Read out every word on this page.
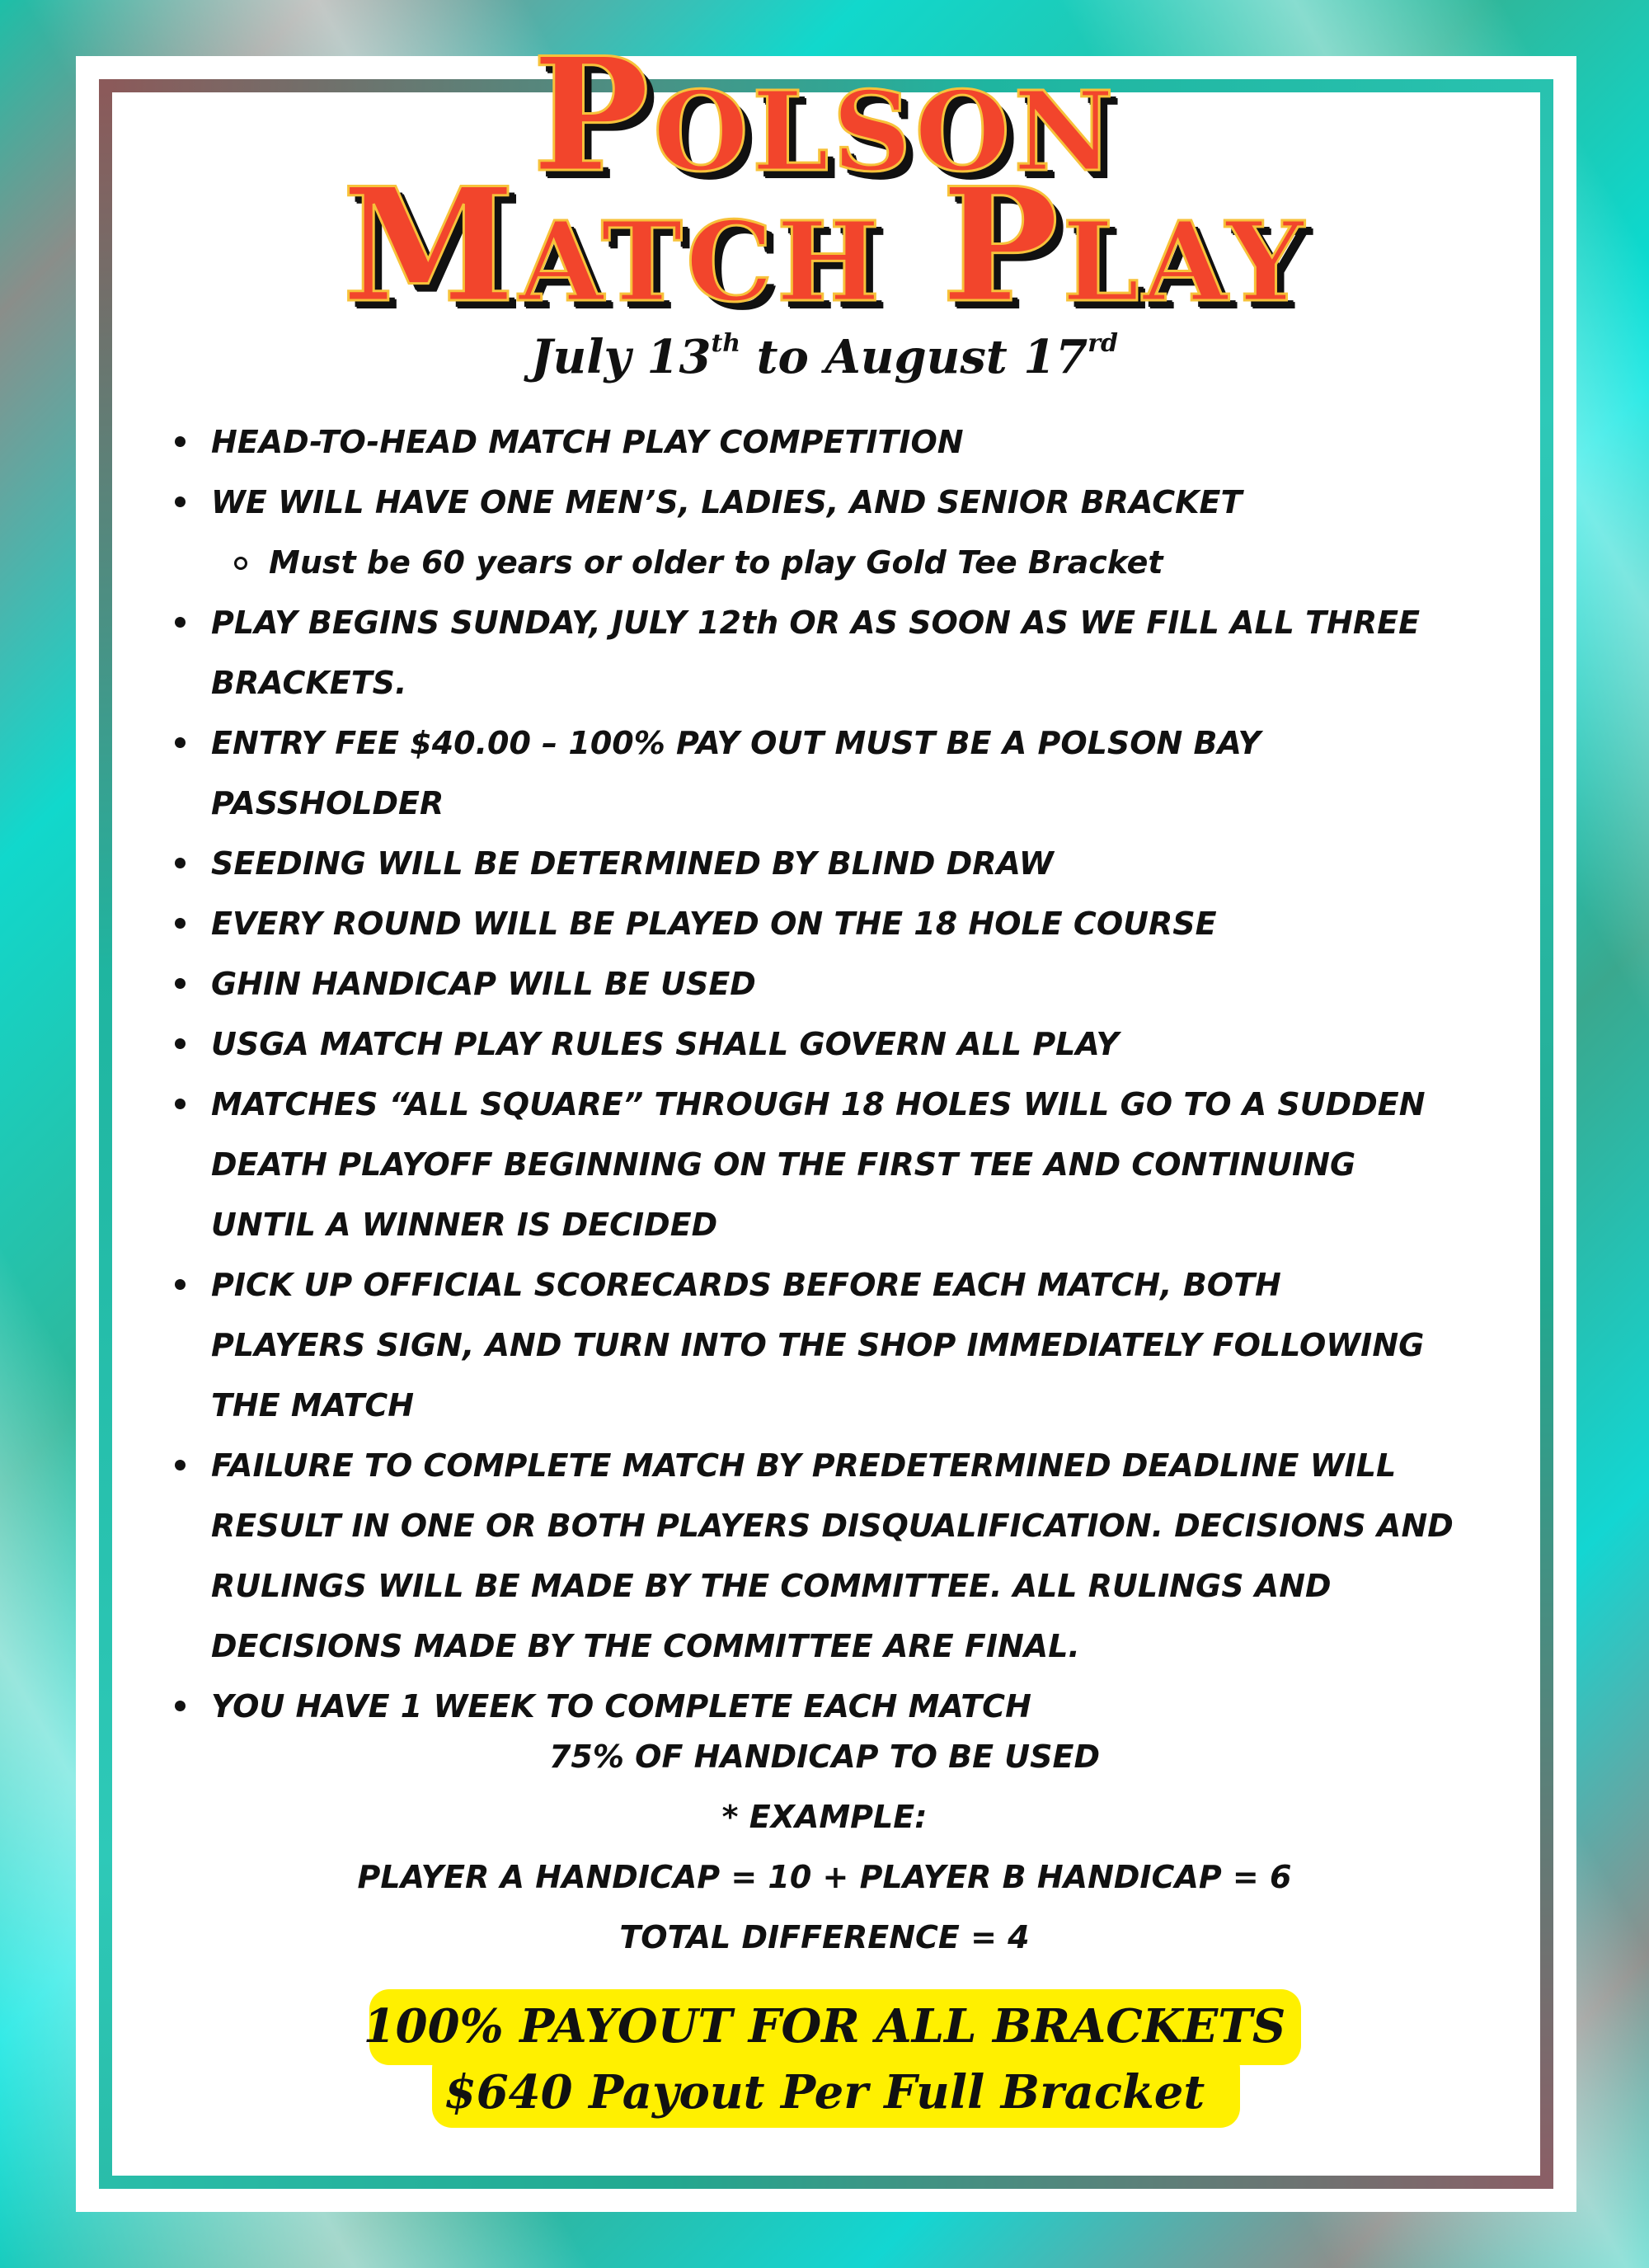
Polson
Match Play
July 13th to August 17rd
HEAD-TO-HEAD MATCH PLAY COMPETITION
WE WILL HAVE ONE MEN’S, LADIES, AND SENIOR BRACKET
Must be 60 years or older to play Gold Tee Bracket
PLAY BEGINS SUNDAY, JULY 12th OR AS SOON AS WE FILL ALL THREE
BRACKETS.
ENTRY FEE $40.00 – 100% PAY OUT MUST BE A POLSON BAY
PASSHOLDER
SEEDING WILL BE DETERMINED BY BLIND DRAW
EVERY ROUND WILL BE PLAYED ON THE 18 HOLE COURSE
GHIN HANDICAP WILL BE USED
USGA MATCH PLAY RULES SHALL GOVERN ALL PLAY
MATCHES “ALL SQUARE” THROUGH 18 HOLES WILL GO TO A SUDDEN
DEATH PLAYOFF BEGINNING ON THE FIRST TEE AND CONTINUING
UNTIL A WINNER IS DECIDED
PICK UP OFFICIAL SCORECARDS BEFORE EACH MATCH, BOTH
PLAYERS SIGN, AND TURN INTO THE SHOP IMMEDIATELY FOLLOWING
THE MATCH
FAILURE TO COMPLETE MATCH BY PREDETERMINED DEADLINE WILL
RESULT IN ONE OR BOTH PLAYERS DISQUALIFICATION. DECISIONS AND
RULINGS WILL BE MADE BY THE COMMITTEE. ALL RULINGS AND
DECISIONS MADE BY THE COMMITTEE ARE FINAL.
YOU HAVE 1 WEEK TO COMPLETE EACH MATCH
75% OF HANDICAP TO BE USED
* EXAMPLE:
PLAYER A HANDICAP = 10 + PLAYER B HANDICAP = 6
TOTAL DIFFERENCE = 4
100% PAYOUT FOR ALL BRACKETS
$640 Payout Per Full Bracket
